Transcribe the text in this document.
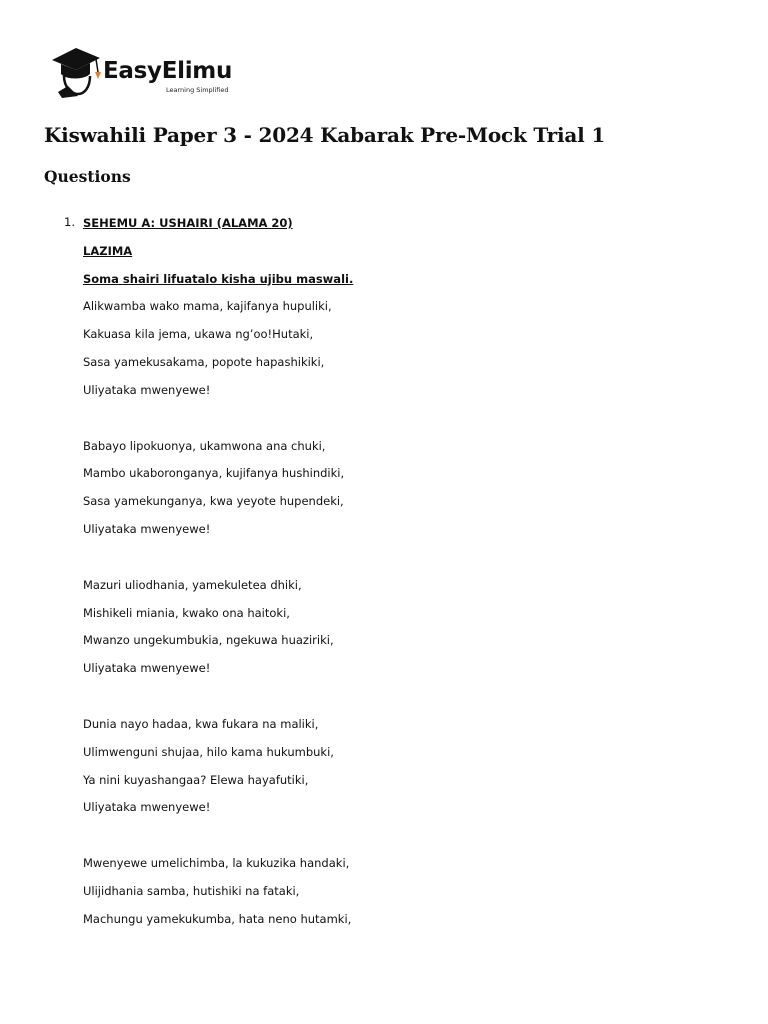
EasyElimu
Learning Simplified
Kiswahili Paper 3 - 2024 Kabarak Pre-Mock Trial 1
Questions
1. SEHEMU A: USHAIRI (ALAMA 20)

LAZIMA

Soma shairi lifuatalo kisha ujibu maswali.

Alikwamba wako mama, kajifanya hupuliki,

Kakuasa kila jema, ukawa ng’oo!Hutaki,

Sasa yamekusakama, popote hapashikiki,

Uliyataka mwenyewe!

Babayo lipokuonya, ukamwona ana chuki,

Mambo ukaboronganya, kujifanya hushindiki,

Sasa yamekunganya, kwa yeyote hupendeki,

Uliyataka mwenyewe!

Mazuri uliodhania, yamekuletea dhiki,

Mishikeli miania, kwako ona haitoki,

Mwanzo ungekumbukia, ngekuwa huaziriki,

Uliyataka mwenyewe!

Dunia nayo hadaa, kwa fukara na maliki,

Ulimwenguni shujaa, hilo kama hukumbuki,

Ya nini kuyashangaa? Elewa hayafutiki,

Uliyataka mwenyewe!

Mwenyewe umelichimba, la kukuzika handaki,

Ulijidhania samba, hutishiki na fataki,

Machungu yamekukumba, hata neno hutamki,
